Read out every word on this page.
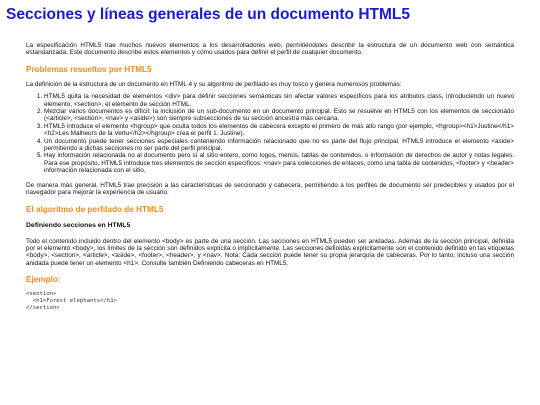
Secciones y líneas generales de un documento HTML5

La especificación HTML5 trae muchos nuevos elementos a los desarrolladores web, permitiéndoles describir la estructura de un documento web con semántica estandarizada. Este documento describe estos elementos y cómo usarlos para definir el perfil de cualquier documento.

Problemas resueltos por HTML5

La definición de la estructura de un documento en HTML 4 y su algoritmo de perfilado es muy tosco y genera numerosos problemas:

1. HTML5 quita la necesidad de elementos <div> para definir secciones semánticas sin afectar valores específicos para los atributos class, introduciendo un nuevo elemento, <section>, el elemento de sección HTML.
2. Mezclar varios documentos es difícil: la inclusión de un sub-documento en un documento principal. Esto se resuelve en HTML5 con los elementos de seccionado (<article>, <section>, <nav> y <aside>) son siempre subsecciones de su sección ancestra más cercana.
3. HTML5 introduce el elemento <hgroup> que oculta todos los elementos de cabecera excepto el primero de más alto rango (por ejemplo, <hgroup><h1>Justine</h1><h2>Les Malheurs de la Vertu</h2></hgroup> crea el perfil 1. Justine).
4. Un documento puede tener secciones especiales conteniendo información relacionado que no es parte del flujo principal. HTML5 introduce el elemento <aside> permitiendo a dichas secciones no ser parte del perfil principal.
5. Hay información relacionada no al documento pero sí al sitio entero, como logos, menús, tablas de contenidos, o información de derechos de autor y notas legales. Para ese propósito, HTML5 introduce tres elementos de sección específicos: <nav> para colecciones de enlaces, como una tabla de contenidos, <footer> y <header> información relacionada con el sitio.

De manera más general, HTML5 trae precisión a las características de seccionado y cabecera, permitiendo a los perfiles de documento ser predecibles y usados por el navegador para mejorar la experiencia de usuario.

El algoritmo de perfilado de HTML5
Definiendo secciones en HTML5

Todo el contenido incluido dentro del elemento <body> es parte de una sección. Las secciones en HTML5 pueden ser anidadas. Además de la sección principal, definida por el elemento <body>, los límites de la sección son definidos explícita o implícitamente. Las secciones definidas explícitamente son el contenido definido en las etiquetas <body>, <section>, <article>, <aside>, <footer>, <header>, y <nav>. Nota: Cada sección puede tener su propia jerarquía de cabeceras. Por lo tanto, incluso una sección anidada puede tener un elemento <h1>. Consulte también Definiendo cabeceras en HTML5.

Ejemplo:
<section>
<h1>Forest elephants</h1>
</section>
